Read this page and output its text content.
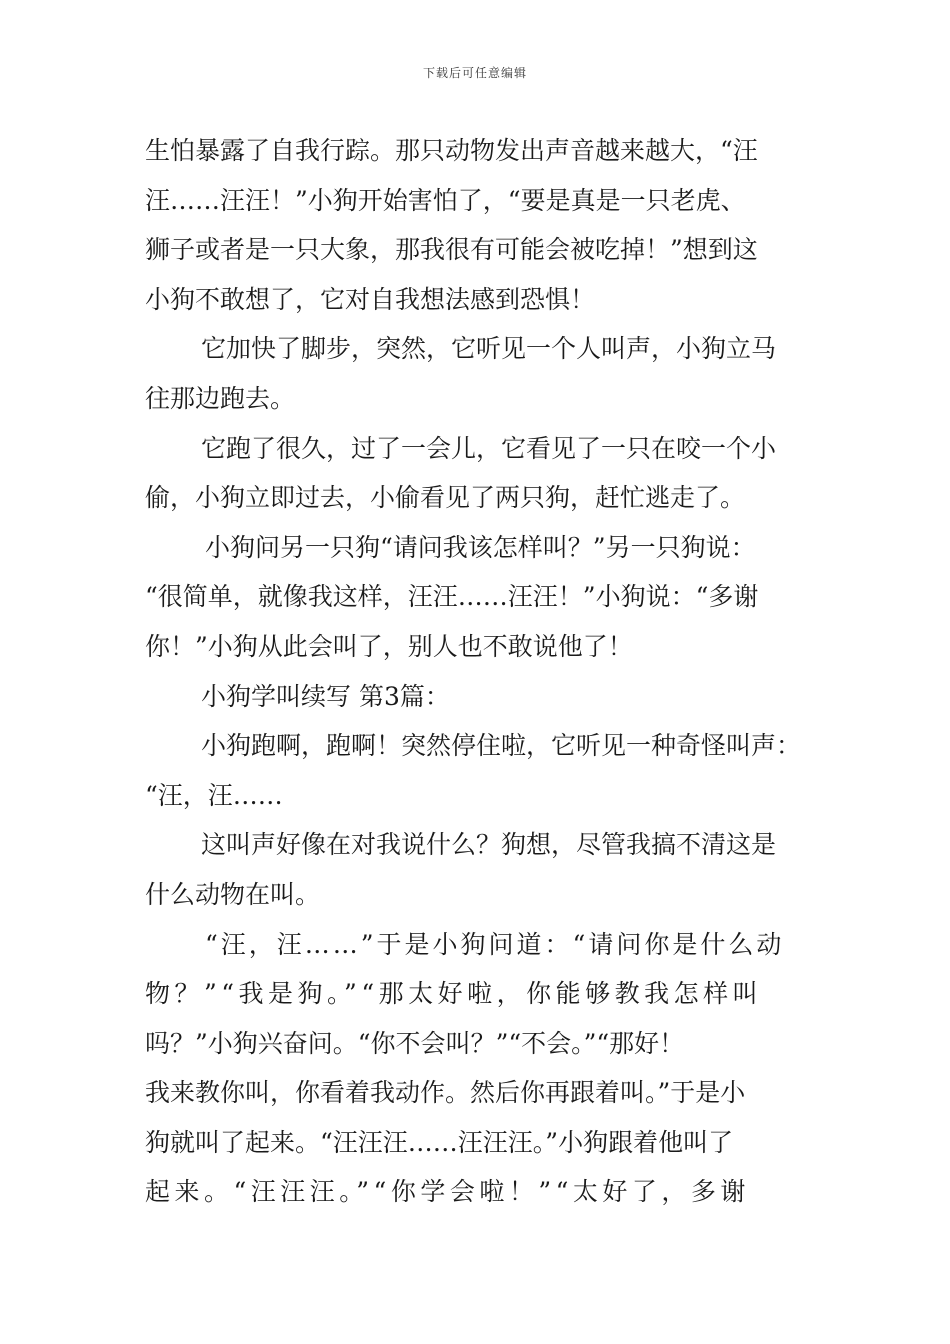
下载后可任意编辑
生怕暴露了自我行踪。那只动物发出声音越来越大，“汪
汪……汪汪！”小狗开始害怕了，“要是真是一只老虎、
狮子或者是一只大象，那我很有可能会被吃掉！”想到这
小狗不敢想了，它对自我想法感到恐惧！
它加快了脚步，突然，它听见一个人叫声，小狗立马
往那边跑去。
它跑了很久，过了一会儿，它看见了一只在咬一个小
偷，小狗立即过去，小偷看见了两只狗，赶忙逃走了。
小狗问另一只狗“请问我该怎样叫？”另一只狗说：
“很简单，就像我这样，汪汪……汪汪！”小狗说：“多谢
你！”小狗从此会叫了，别人也不敢说他了！
小狗学叫续写 第3篇：
小狗跑啊，跑啊！突然停住啦，它听见一种奇怪叫声：
“汪，汪……
这叫声好像在对我说什么？狗想，尽管我搞不清这是
什么动物在叫。
“汪，汪……”于是小狗问道：“请问你是什么动
物？”“我是狗。”“那太好啦，你能够教我怎样叫
吗？”小狗兴奋问。“你不会叫？”“不会。”“那好！
我来教你叫，你看着我动作。然后你再跟着叫。”于是小
狗就叫了起来。“汪汪汪……汪汪汪。”小狗跟着他叫了
起来。“汪汪汪。”“你学会啦！”“太好了，多谢
